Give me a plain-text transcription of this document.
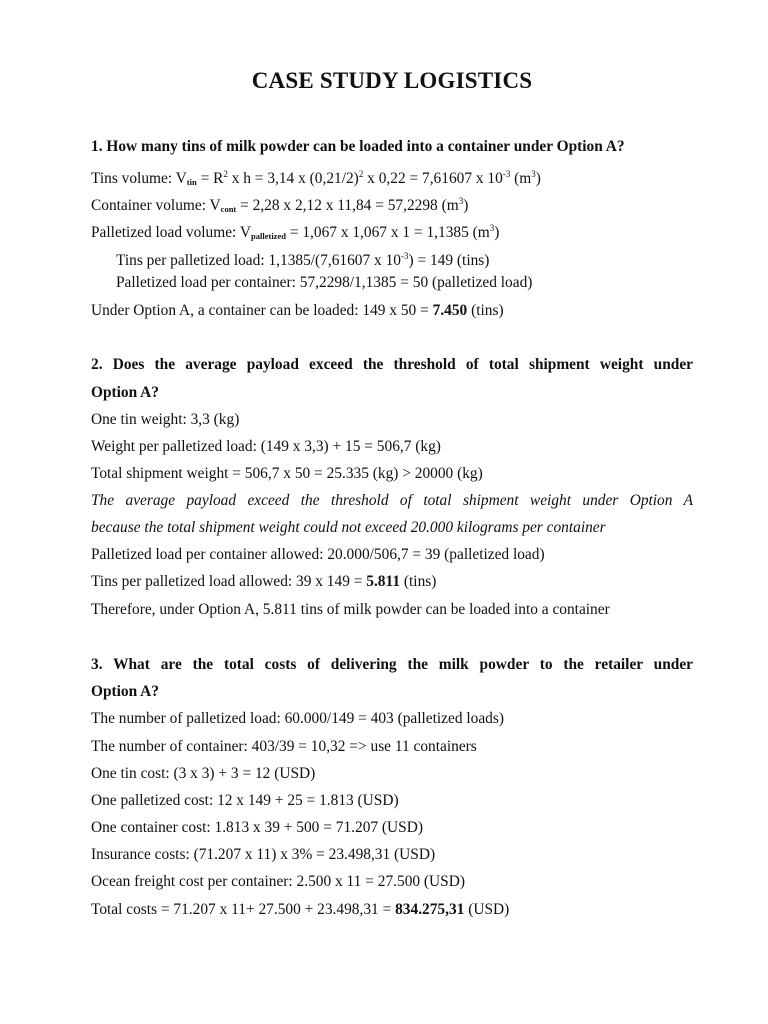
CASE STUDY LOGISTICS
1. How many tins of milk powder can be loaded into a container under Option A?
Tins volume: $V_{tin} = R^2$ x h = 3,14 x $(0,21/2)^2$ x 0,22 = 7,61607 x $10^{-3}$ $(m^3)$
Container volume: $V_{cont} = 2,28$ x 2,12 x 11,84 = 57,2298 $(m^3)$
Palletized load volume: $V_{palletized} = 1,067$ x 1,067 x 1 = 1,1385 $(m^3)$
Tins per palletized load: 1,1385/(7,61607 x $10^{-3}) = 149$ (tins)
Palletized load per container: 57,2298/1,1385 = 50 (palletized load)
Under Option A, a container can be loaded: 149 x 50 = 7.450 (tins)
2. Does the average payload exceed the threshold of total shipment weight under
Option A?
One tin weight: 3,3 (kg)
Weight per palletized load: (149 x 3,3) + 15 = 506,7 (kg)
Total shipment weight = 506,7 x 50 = 25.335 (kg) > 20000 (kg)
The average payload exceed the threshold of total shipment weight under Option A
because the total shipment weight could not exceed 20.000 kilograms per container
Palletized load per container allowed: 20.000/506,7 = 39 (palletized load)
Tins per palletized load allowed: 39 x 149 = 5.811 (tins)
Therefore, under Option A, 5.811 tins of milk powder can be loaded into a container
3. What are the total costs of delivering the milk powder to the retailer under
Option A?
The number of palletized load: 60.000/149 = 403 (palletized loads)
The number of container: 403/39 = 10,32 => use 11 containers
One tin cost: (3 x 3) + 3 = 12 (USD)
One palletized cost: 12 x 149 + 25 = 1.813 (USD)
One container cost: 1.813 x 39 + 500 = 71.207 (USD)
Insurance costs: (71.207 x 11) x 3% = 23.498,31 (USD)
Ocean freight cost per container: 2.500 x 11 = 27.500 (USD)
Total costs = 71.207 x 11+ 27.500 + 23.498,31 = 834.275,31 (USD)
